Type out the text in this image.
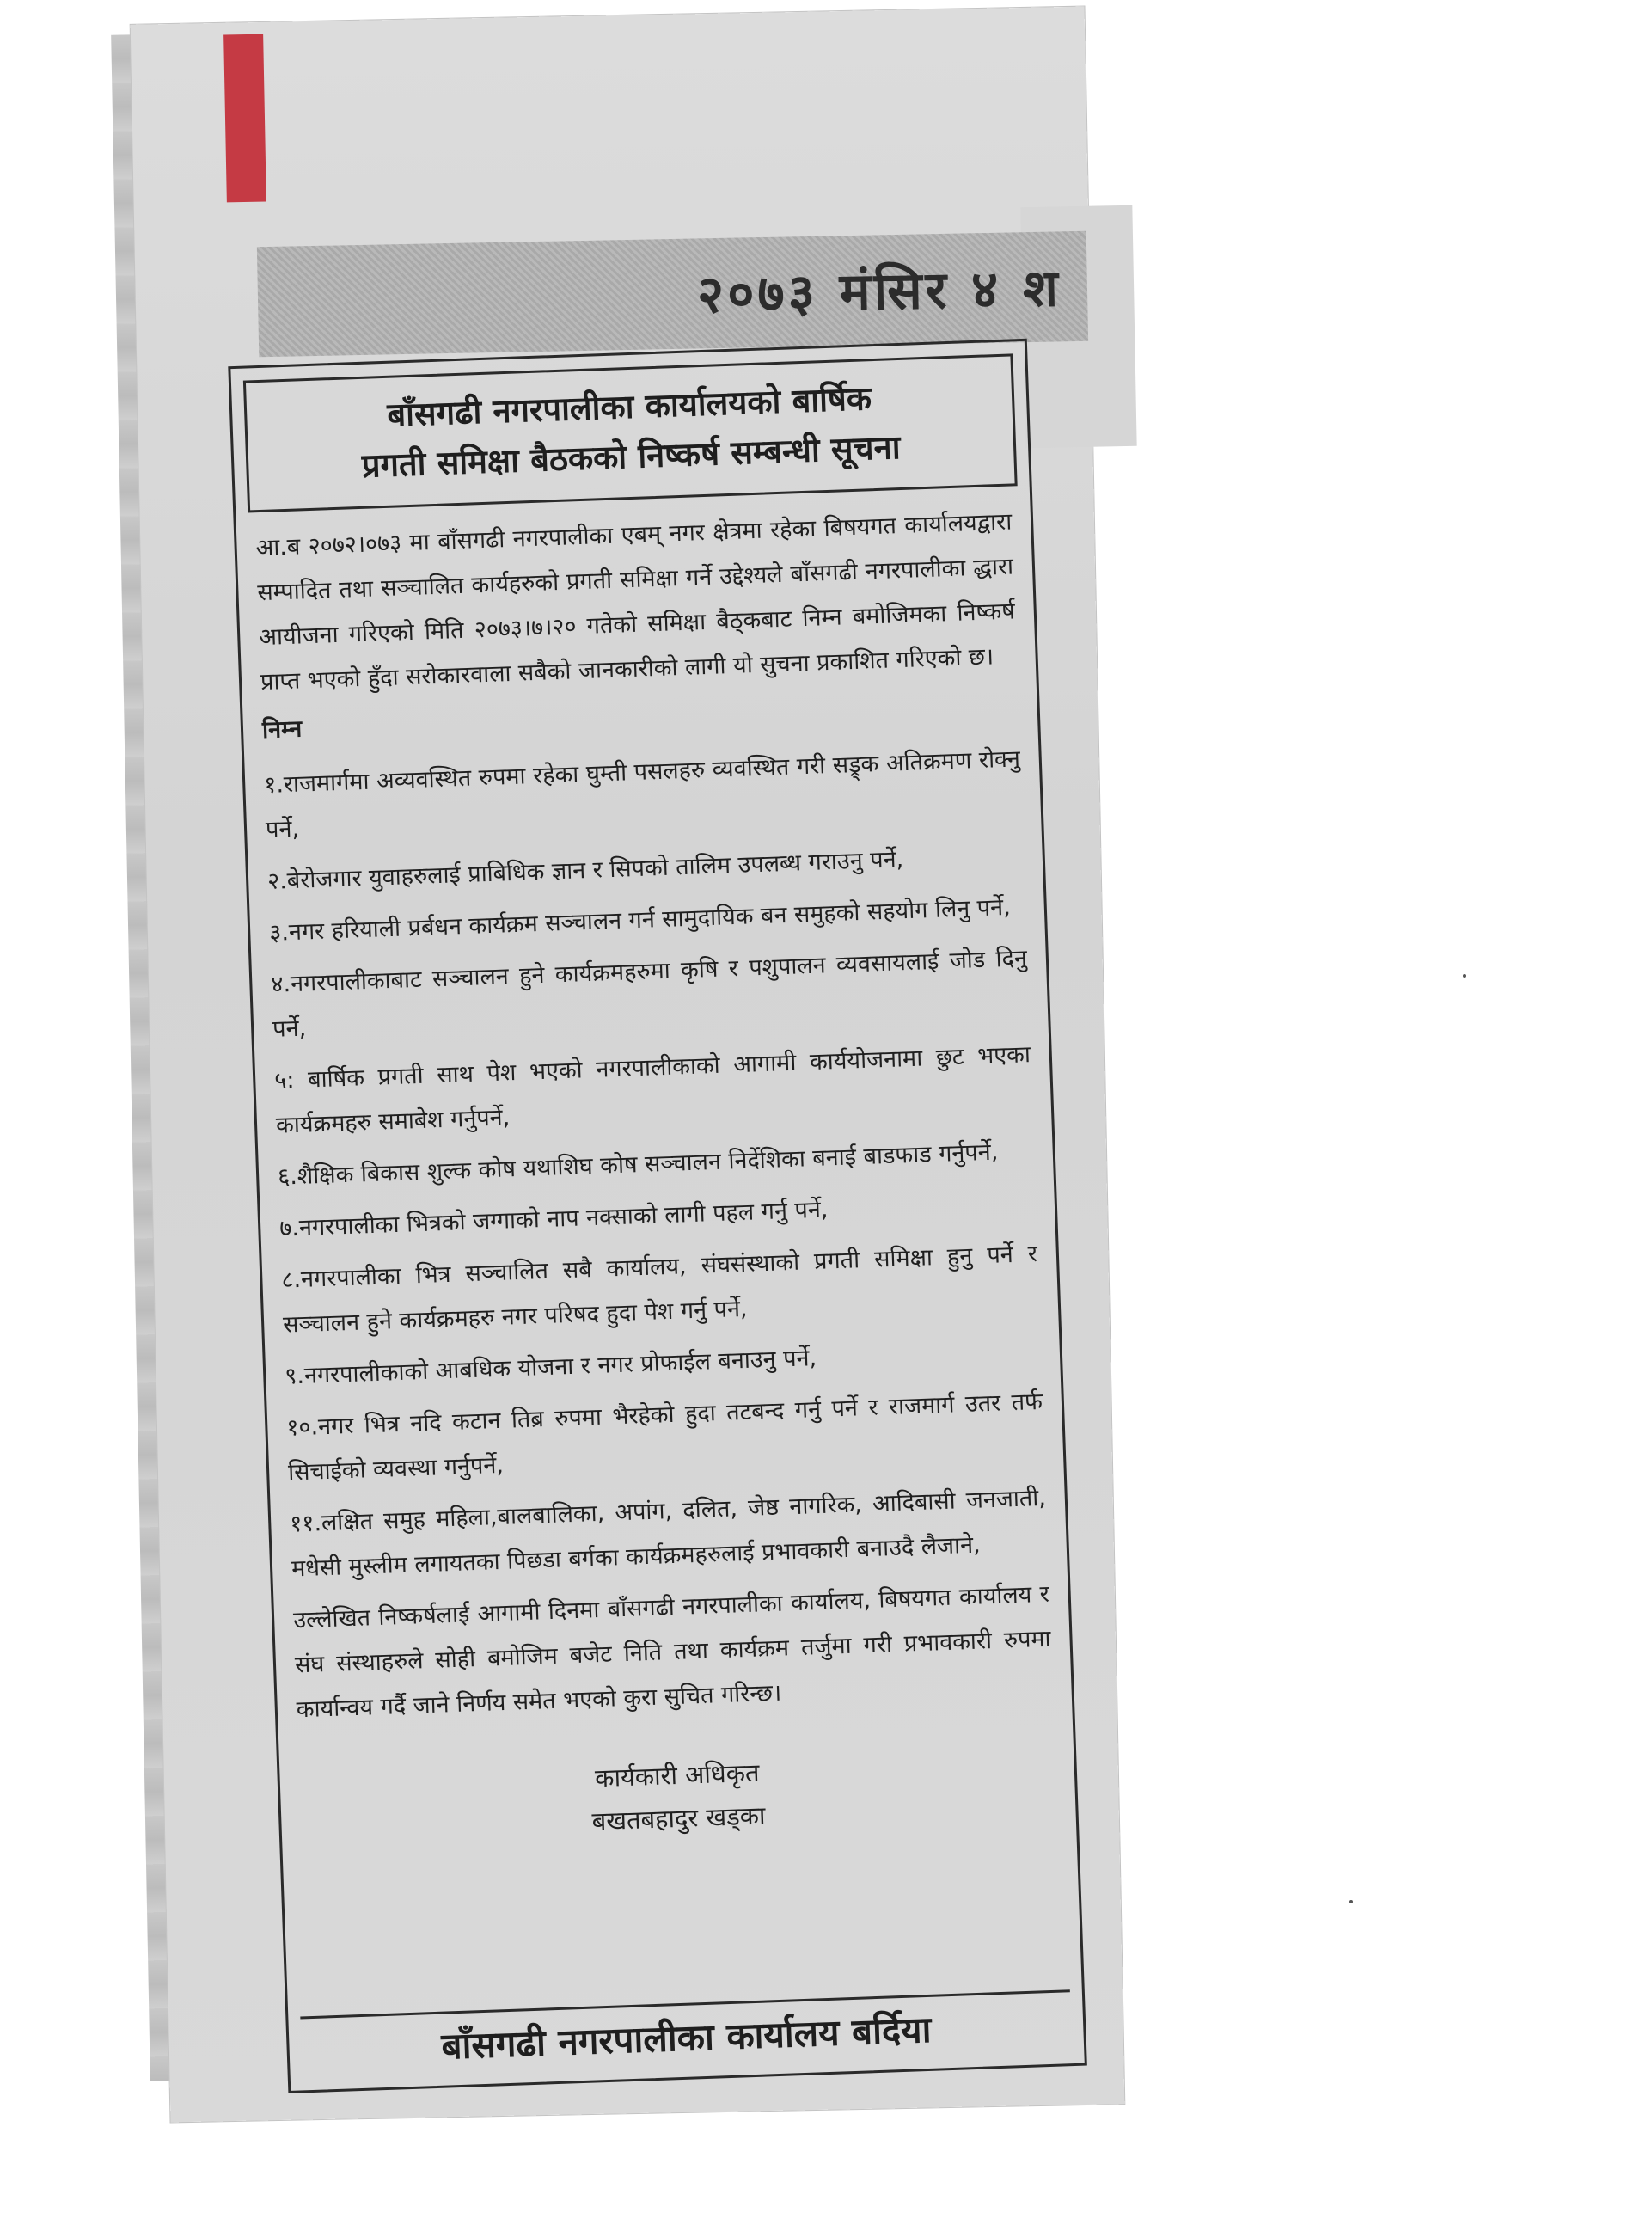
२०७३ मंसिर ४ श
बाँसगढी नगरपालीका कार्यालयको बार्षिक
प्रगती समिक्षा बैठकको निष्कर्ष सम्बन्धी सूचना

आ.ब २०७२।०७३ मा बाँसगढी नगरपालीका एबम् नगर क्षेत्रमा रहेका बिषयगत कार्यालयद्वारा सम्पादित तथा सञ्चालित कार्यहरुको प्रगती समिक्षा गर्ने उद्देश्यले बाँसगढी नगरपालीका द्धारा आयीजना गरिएको मिति २०७३।७।२० गतेको समिक्षा बैठ्कबाट निम्न बमोजिमका निष्कर्ष प्राप्त भएको हुँदा सरोकारवाला सबैको जानकारीको लागी यो सुचना प्रकाशित गरिएको छ।

निम्न
१.राजमार्गमा अव्यवस्थित रुपमा रहेका घुम्ती पसलहरु व्यवस्थित गरी सड्र्क अतिक्रमण रोक्नु पर्ने,
२.बेरोजगार युवाहरुलाई प्राबिधिक ज्ञान र सिपको तालिम उपलब्ध गराउनु पर्ने,
३.नगर हरियाली प्रर्बधन कार्यक्रम सञ्चालन गर्न सामुदायिक बन समुहको सहयोग लिनु पर्ने,
४.नगरपालीकाबाट सञ्चालन हुने कार्यक्रमहरुमा कृषि र पशुपालन व्यवसायलाई जोड दिनु पर्ने,
५: बार्षिक प्रगती साथ पेश भएको नगरपालीकाको आगामी कार्ययोजनामा छुट भएका कार्यक्रमहरु समाबेश गर्नुपर्ने,
६.शैक्षिक बिकास शुल्क कोष यथाशिघ कोष सञ्चालन निर्देशिका बनाई बाडफाड गर्नुपर्ने,
७.नगरपालीका भित्रको जग्गाको नाप नक्साको लागी पहल गर्नु पर्ने,
८.नगरपालीका भित्र सञ्चालित सबै कार्यालय, संघसंस्थाको प्रगती समिक्षा हुनु पर्ने र सञ्चालन हुने कार्यक्रमहरु नगर परिषद हुदा पेश गर्नु पर्ने,
९.नगरपालीकाको आबधिक योजना र नगर प्रोफाईल बनाउनु पर्ने,
१०.नगर भित्र नदि कटान तिब्र रुपमा भैरहेको हुदा तटबन्द गर्नु पर्ने र राजमार्ग उतर तर्फ सिचाईको व्यवस्था गर्नुपर्ने,
११.लक्षित समुह महिला,बालबालिका, अपांग, दलित, जेष्ठ नागरिक, आदिबासी जनजाती, मधेसी मुस्लीम लगायतका पिछडा बर्गका कार्यक्रमहरुलाई प्रभावकारी बनाउदै लैजाने,

उल्लेखित निष्कर्षलाई आगामी दिनमा बाँसगढी नगरपालीका कार्यालय, बिषयगत कार्यालय र संघ संस्थाहरुले सोही बमोजिम बजेट निति तथा कार्यक्रम तर्जुमा गरी प्रभावकारी रुपमा कार्यान्वय गर्दै जाने निर्णय समेत भएको कुरा सुचित गरिन्छ।

कार्यकारी अधिकृत
बखतबहादुर खड्का
बाँसगढी नगरपालीका कार्यालय बर्दिया
